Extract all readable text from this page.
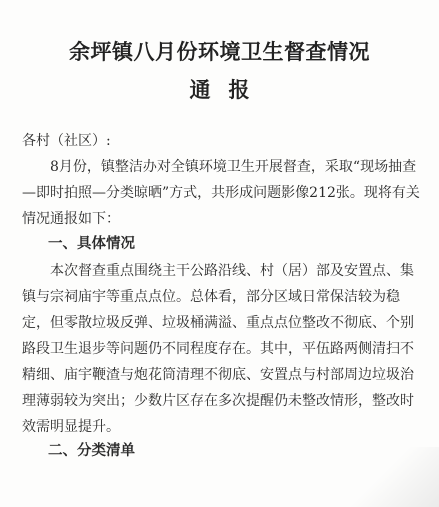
余坪镇八月份环境卫生督查情况
通报
各村（社区）:
8月份，镇整洁办对全镇环境卫生开展督查，采取“现场抽查—即时拍照—分类晾晒”方式，共形成问题影像212张。现将有关情况通报如下：
一、具体情况
本次督查重点围绕主干公路沿线、村（居）部及安置点、集镇与宗祠庙宇等重点点位。总体看，部分区域日常保洁较为稳定，但零散垃圾反弹、垃圾桶满溢、重点点位整改不彻底、个别路段卫生退步等问题仍不同程度存在。其中，平伍路两侧清扫不精细、庙宇鞭渣与炮花筒清理不彻底、安置点与村部周边垃圾治理薄弱较为突出；少数片区存在多次提醒仍未整改情形，整改时效需明显提升。
二、分类清单
